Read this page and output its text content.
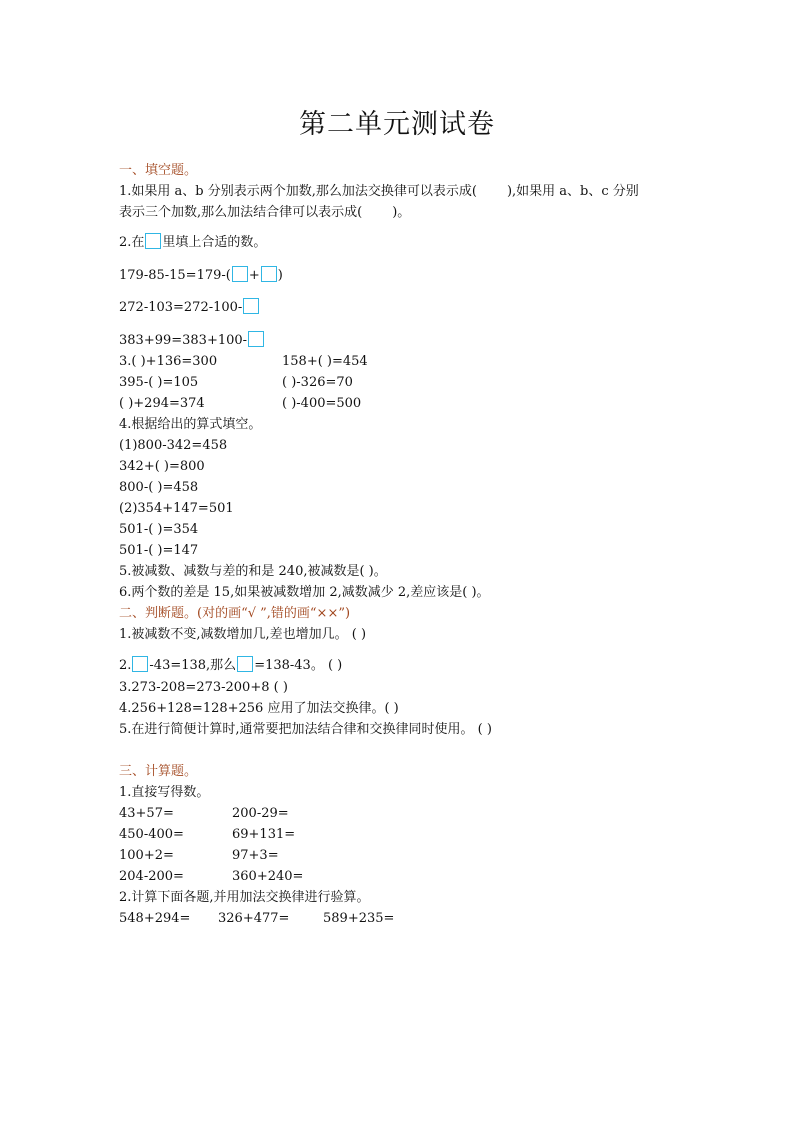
第二单元测试卷
一、填空题。
1.如果用 a、b 分别表示两个加数,那么加法交换律可以表示成( ),如果用 a、b、c 分别
表示三个加数,那么加法结合律可以表示成( )。
2.在 里填上合适的数。
179-85-15=179-( + )
272-103=272-100-
383+99=383+100-
3.( )+136=300	158+( )=454
395-( )=105	( )-326=70
( )+294=374	( )-400=500
4.根据给出的算式填空。
(1)800-342=458
342+( )=800
800-( )=458
(2)354+147=501
501-( )=354
501-( )=147
5.被减数、减数与差的和是 240,被减数是( )。
6.两个数的差是 15,如果被减数增加 2,减数减少 2,差应该是( )。
二、判断题。(对的画“√ ”,错的画“××”)
1.被减数不变,减数增加几,差也增加几。 ( )
2. -43=138,那么 =138-43。 ( )
3.273-208=273-200+8 ( )
4.256+128=128+256 应用了加法交换律。( )
5.在进行简便计算时,通常要把加法结合律和交换律同时使用。 ( )
三、计算题。
1.直接写得数。
43+57=	200-29=
450-400=	69+131=
100+2=	97+3=
204-200=	360+240=
2.计算下面各题,并用加法交换律进行验算。
548+294= 326+477=	589+235=
